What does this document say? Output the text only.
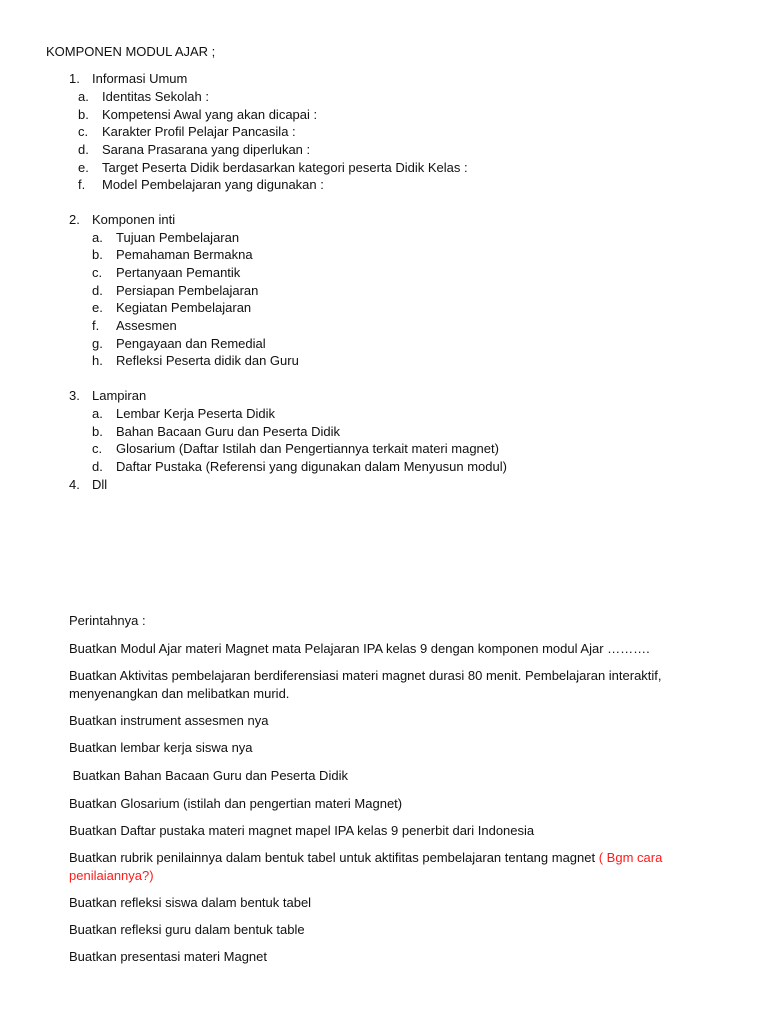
KOMPONEN MODUL AJAR ;
1. Informasi Umum
a. Identitas Sekolah :
b. Kompetensi Awal yang akan dicapai :
c. Karakter Profil Pelajar Pancasila :
d. Sarana Prasarana yang diperlukan :
e. Target Peserta Didik berdasarkan kategori peserta Didik Kelas :
f. Model Pembelajaran yang digunakan :
2. Komponen inti
a. Tujuan Pembelajaran
b. Pemahaman Bermakna
c. Pertanyaan Pemantik
d. Persiapan Pembelajaran
e. Kegiatan Pembelajaran
f. Assesmen
g. Pengayaan dan Remedial
h. Refleksi Peserta didik dan Guru
3. Lampiran
a. Lembar Kerja Peserta Didik
b. Bahan Bacaan Guru dan Peserta Didik
c. Glosarium (Daftar Istilah dan Pengertiannya terkait materi magnet)
d. Daftar Pustaka (Referensi yang digunakan dalam Menyusun modul)
4. Dll
Perintahnya :
Buatkan Modul Ajar materi Magnet mata Pelajaran IPA kelas 9 dengan komponen modul Ajar ……….
Buatkan Aktivitas pembelajaran berdiferensiasi materi magnet durasi 80 menit. Pembelajaran interaktif,
menyenangkan dan melibatkan murid.
Buatkan instrument assesmen nya
Buatkan lembar kerja siswa nya
Buatkan Bahan Bacaan Guru dan Peserta Didik
Buatkan Glosarium (istilah dan pengertian materi Magnet)
Buatkan Daftar pustaka materi magnet mapel IPA kelas 9 penerbit dari Indonesia
Buatkan rubrik penilainnya dalam bentuk tabel untuk aktifitas pembelajaran tentang magnet ( Bgm cara
penilaiannya?)
Buatkan refleksi siswa dalam bentuk tabel
Buatkan refleksi guru dalam bentuk table
Buatkan presentasi materi Magnet
